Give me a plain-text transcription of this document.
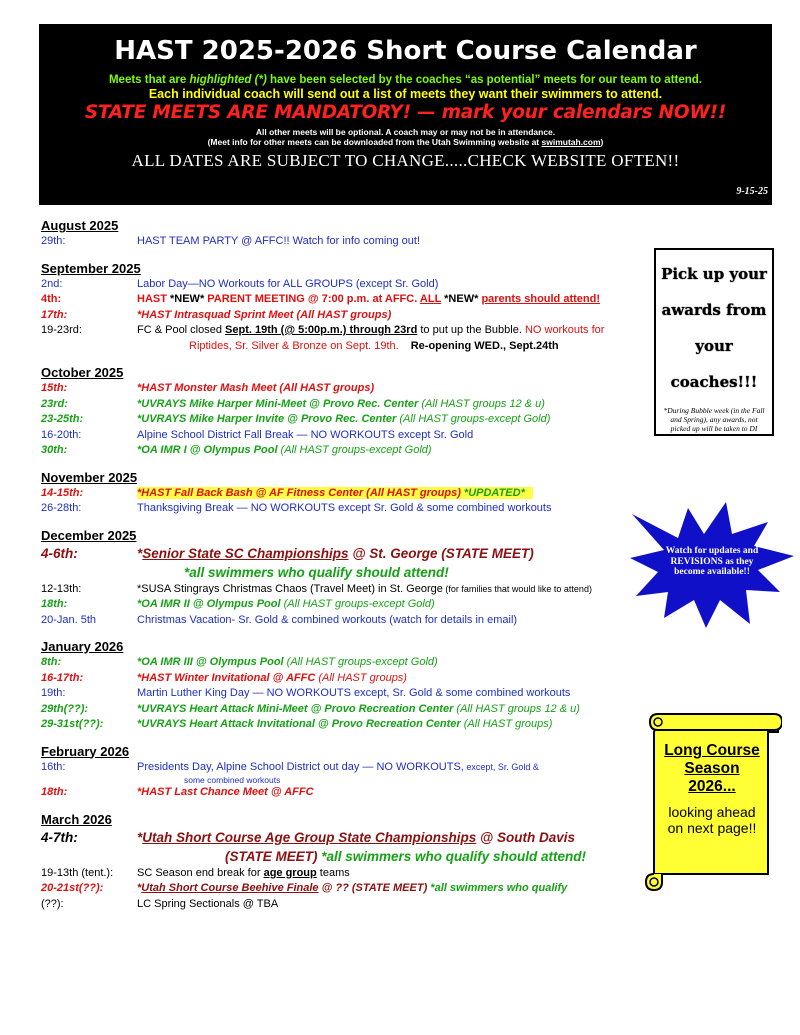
HAST 2025-2026 Short Course Calendar
Meets that are highlighted (*) have been selected by the coaches “as potential” meets for our team to attend.
Each individual coach will send out a list of meets they want their swimmers to attend.
STATE MEETS ARE MANDATORY! — mark your calendars NOW!!
All other meets will be optional. A coach may or may not be in attendance.
(Meet info for other meets can be downloaded from the Utah Swimming website at swimutah.com)
ALL DATES ARE SUBJECT TO CHANGE.....CHECK WEBSITE OFTEN!!
9-15-25
August 2025
29th:	HAST TEAM PARTY @ AFFC!! Watch for info coming out!
September 2025
2nd:	Labor Day—NO Workouts for ALL GROUPS (except Sr. Gold)
4th:	HAST *NEW* PARENT MEETING @ 7:00 p.m. at AFFC. ALL *NEW* parents should attend!
17th:	*HAST Intrasquad Sprint Meet (All HAST groups)
19-23rd:	FC & Pool closed Sept. 19th (@ 5:00p.m.) through 23rd to put up the Bubble. NO workouts for
Riptides, Sr. Silver & Bronze on Sept. 19th. Re-opening WED., Sept.24th
October 2025
15th:	*HAST Monster Mash Meet (All HAST groups)
23rd:	*UVRAYS Mike Harper Mini-Meet @ Provo Rec. Center (All HAST groups 12 & u)
23-25th:	*UVRAYS Mike Harper Invite @ Provo Rec. Center (All HAST groups-except Gold)
16-20th:	Alpine School District Fall Break — NO WORKOUTS except Sr. Gold
30th:	*OA IMR I @ Olympus Pool (All HAST groups-except Gold)
November 2025
14-15th:	*HAST Fall Back Bash @ AF Fitness Center (All HAST groups) *UPDATED*
26-28th:	Thanksgiving Break — NO WORKOUTS except Sr. Gold & some combined workouts
December 2025
4-6th:	*Senior State SC Championships @ St. George (STATE MEET)
*all swimmers who qualify should attend!
12-13th:	*SUSA Stingrays Christmas Chaos (Travel Meet) in St. George (for families that would like to attend)
18th:	*OA IMR II @ Olympus Pool (All HAST groups-except Gold)
20-Jan. 5th	Christmas Vacation- Sr. Gold & combined workouts (watch for details in email)
January 2026
8th:	*OA IMR III @ Olympus Pool (All HAST groups-except Gold)
16-17th:	*HAST Winter Invitational @ AFFC (All HAST groups)
19th:	Martin Luther King Day — NO WORKOUTS except, Sr. Gold & some combined workouts
29th(??):	*UVRAYS Heart Attack Mini-Meet @ Provo Recreation Center (All HAST groups 12 & u)
29-31st(??):	*UVRAYS Heart Attack Invitational @ Provo Recreation Center (All HAST groups)
February 2026
16th:	Presidents Day, Alpine School District out day — NO WORKOUTS, except, Sr. Gold &
some combined workouts
18th:	*HAST Last Chance Meet @ AFFC
March 2026
4-7th:	*Utah Short Course Age Group State Championships @ South Davis
(STATE MEET) *all swimmers who qualify should attend!
19-13th (tent.):	SC Season end break for age group teams
20-21st(??):	*Utah Short Course Beehive Finale @ ?? (STATE MEET) *all swimmers who qualify
(??):	LC Spring Sectionals @ TBA
Pick up your
awards from your
coaches!!!
*During Bubble week (in the Fall and Spring), any awards, not picked up will be taken to DI
Watch for updates and REVISIONS as they become available!!
Long Course Season 2026...
looking ahead on next page!!
